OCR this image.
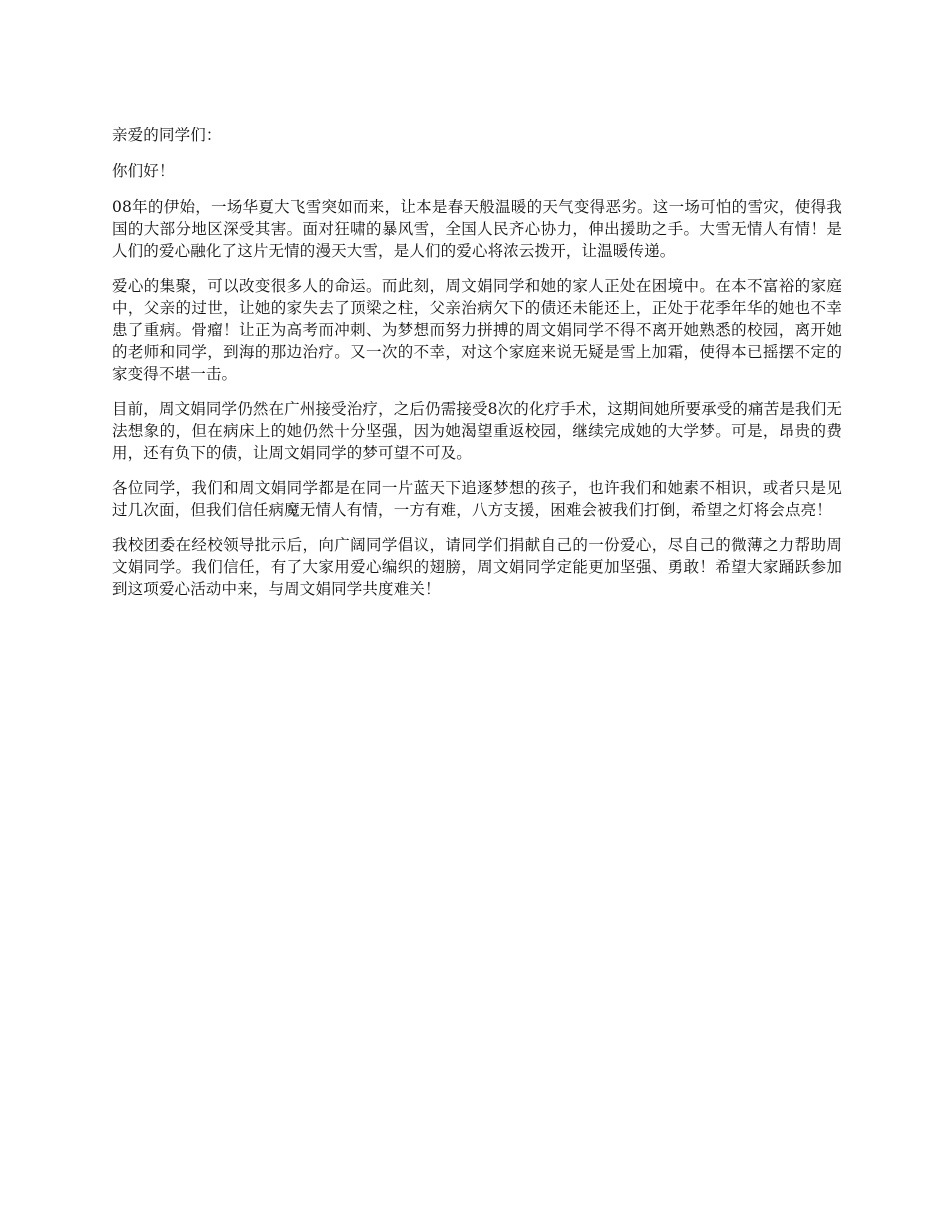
亲爱的同学们：

你们好！

08年的伊始，一场华夏大飞雪突如而来，让本是春天般温暖的天气变得恶劣。这一场可怕的雪灾，使得我国的大部分地区深受其害。面对狂啸的暴风雪，全国人民齐心协力，伸出援助之手。大雪无情人有情！是人们的爱心融化了这片无情的漫天大雪，是人们的爱心将浓云拨开，让温暖传递。

爱心的集聚，可以改变很多人的命运。而此刻，周文娟同学和她的家人正处在困境中。在本不富裕的家庭中，父亲的过世，让她的家失去了顶梁之柱，父亲治病欠下的债还未能还上，正处于花季年华的她也不幸患了重病。骨瘤！让正为高考而冲刺、为梦想而努力拼搏的周文娟同学不得不离开她熟悉的校园，离开她的老师和同学，到海的那边治疗。又一次的不幸，对这个家庭来说无疑是雪上加霜，使得本已摇摆不定的家变得不堪一击。

目前，周文娟同学仍然在广州接受治疗，之后仍需接受8次的化疗手术，这期间她所要承受的痛苦是我们无法想象的，但在病床上的她仍然十分坚强，因为她渴望重返校园，继续完成她的大学梦。可是，昂贵的费用，还有负下的债，让周文娟同学的梦可望不可及。

各位同学，我们和周文娟同学都是在同一片蓝天下追逐梦想的孩子，也许我们和她素不相识，或者只是见过几次面，但我们信任病魔无情人有情，一方有难，八方支援，困难会被我们打倒，希望之灯将会点亮！

我校团委在经校领导批示后，向广阔同学倡议，请同学们捐献自己的一份爱心，尽自己的微薄之力帮助周文娟同学。我们信任，有了大家用爱心编织的翅膀，周文娟同学定能更加坚强、勇敢！希望大家踊跃参加到这项爱心活动中来，与周文娟同学共度难关！
